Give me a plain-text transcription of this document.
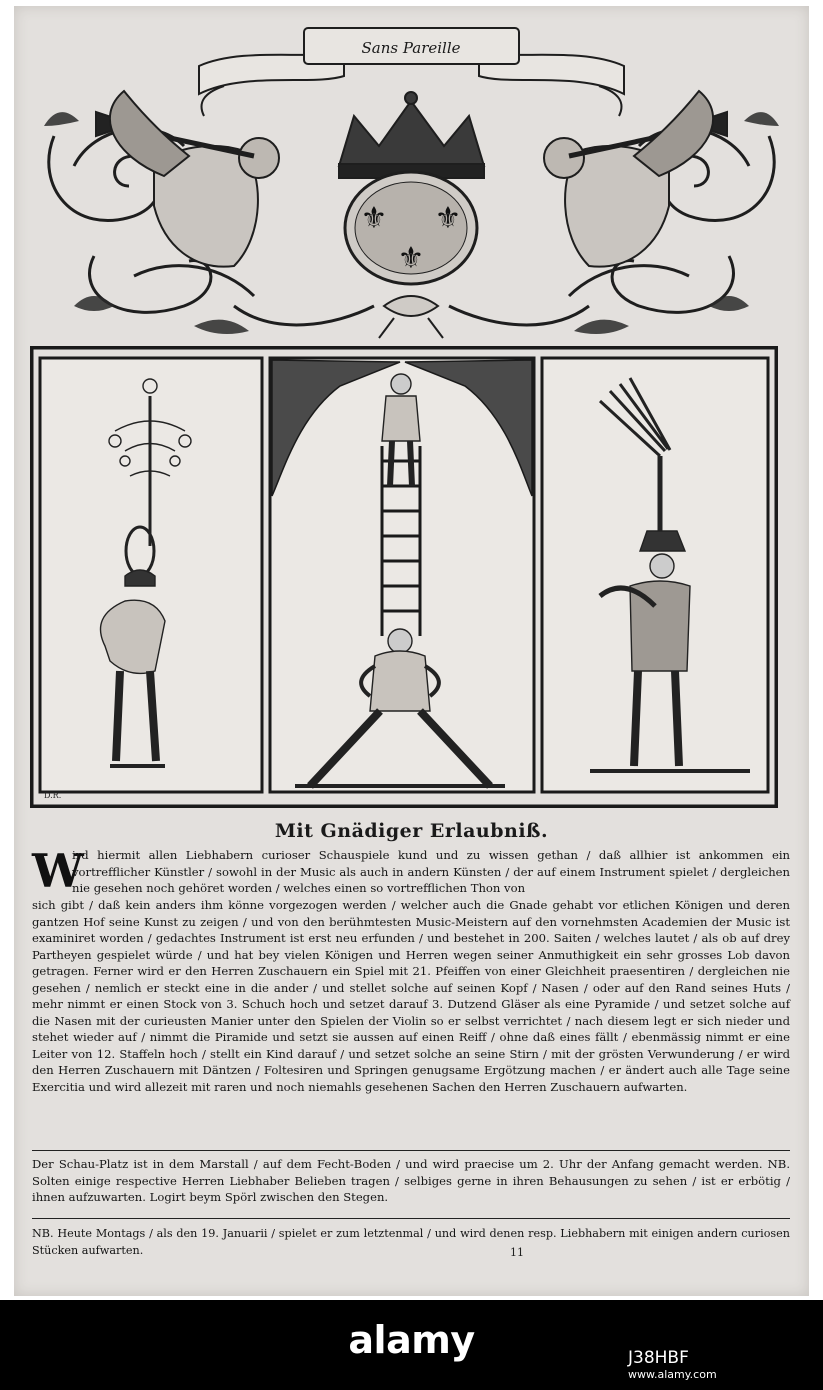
⚜ ⚜
⚜
Sans Pareille
D.R.
Mit Gnädiger Erlaubniß.
W
ird hiermit allen Liebhabern curioser Schauspiele kund und zu wissen gethan / daß allhier ist ankommen ein vortrefflicher Künstler / sowohl in der Music als auch in andern Künsten / der auf einem Instrument spielet / dergleichen nie gesehen noch gehöret worden / welches einen so vortrefflichen Thon von
sich gibt / daß kein anders ihm könne vorgezogen werden / welcher auch die Gnade gehabt vor etlichen Königen und deren gantzen Hof seine Kunst zu zeigen / und von den berühmtesten Music-Meistern auf den vornehmsten Academien der Music ist examiniret worden / gedachtes Instrument ist erst neu erfunden / und bestehet in 200. Saiten / welches lautet / als ob auf drey Partheyen gespielet würde / und hat bey vielen Königen und Herren wegen seiner Anmuthigkeit ein sehr grosses Lob davon getragen. Ferner wird er den Herren Zuschauern ein Spiel mit 21. Pfeiffen von einer Gleichheit praesentiren / dergleichen nie gesehen / nemlich er steckt eine in die ander / und stellet solche auf seinen Kopf / Nasen / oder auf den Rand seines Huts / mehr nimmt er einen Stock von 3. Schuch hoch und setzet darauf 3. Dutzend Gläser als eine Pyramide / und setzet solche auf die Nasen mit der curieusten Manier unter den Spielen der Violin so er selbst verrichtet / nach diesem legt er sich nieder und stehet wieder auf / nimmt die Piramide und setzt sie aussen auf einen Reiff / ohne daß eines fällt / ebenmässig nimmt er eine Leiter von 12. Staffeln hoch / stellt ein Kind darauf / und setzet solche an seine Stirn / mit der grösten Verwunderung / er wird den Herren Zuschauern mit Däntzen / Foltesiren und Springen genugsame Ergötzung machen / er ändert auch alle Tage seine Exercitia und wird allezeit mit raren und noch niemahls gesehenen Sachen den Herren Zuschauern aufwarten.
Der Schau-Platz ist in dem Marstall / auf dem Fecht-Boden / und wird praecise um 2. Uhr der Anfang gemacht werden. NB. Solten einige respective Herren Liebhaber Belieben tragen / selbiges gerne in ihren Behausungen zu sehen / ist er erbötig / ihnen aufzuwarten. Logirt beym Spörl zwischen den Stegen.
NB. Heute Montags / als den 19. Januarii / spielet er zum letztenmal / und wird denen resp. Liebhabern mit einigen andern curiosen Stücken aufwarten.	11
alamy	J38HBF
www.alamy.com
